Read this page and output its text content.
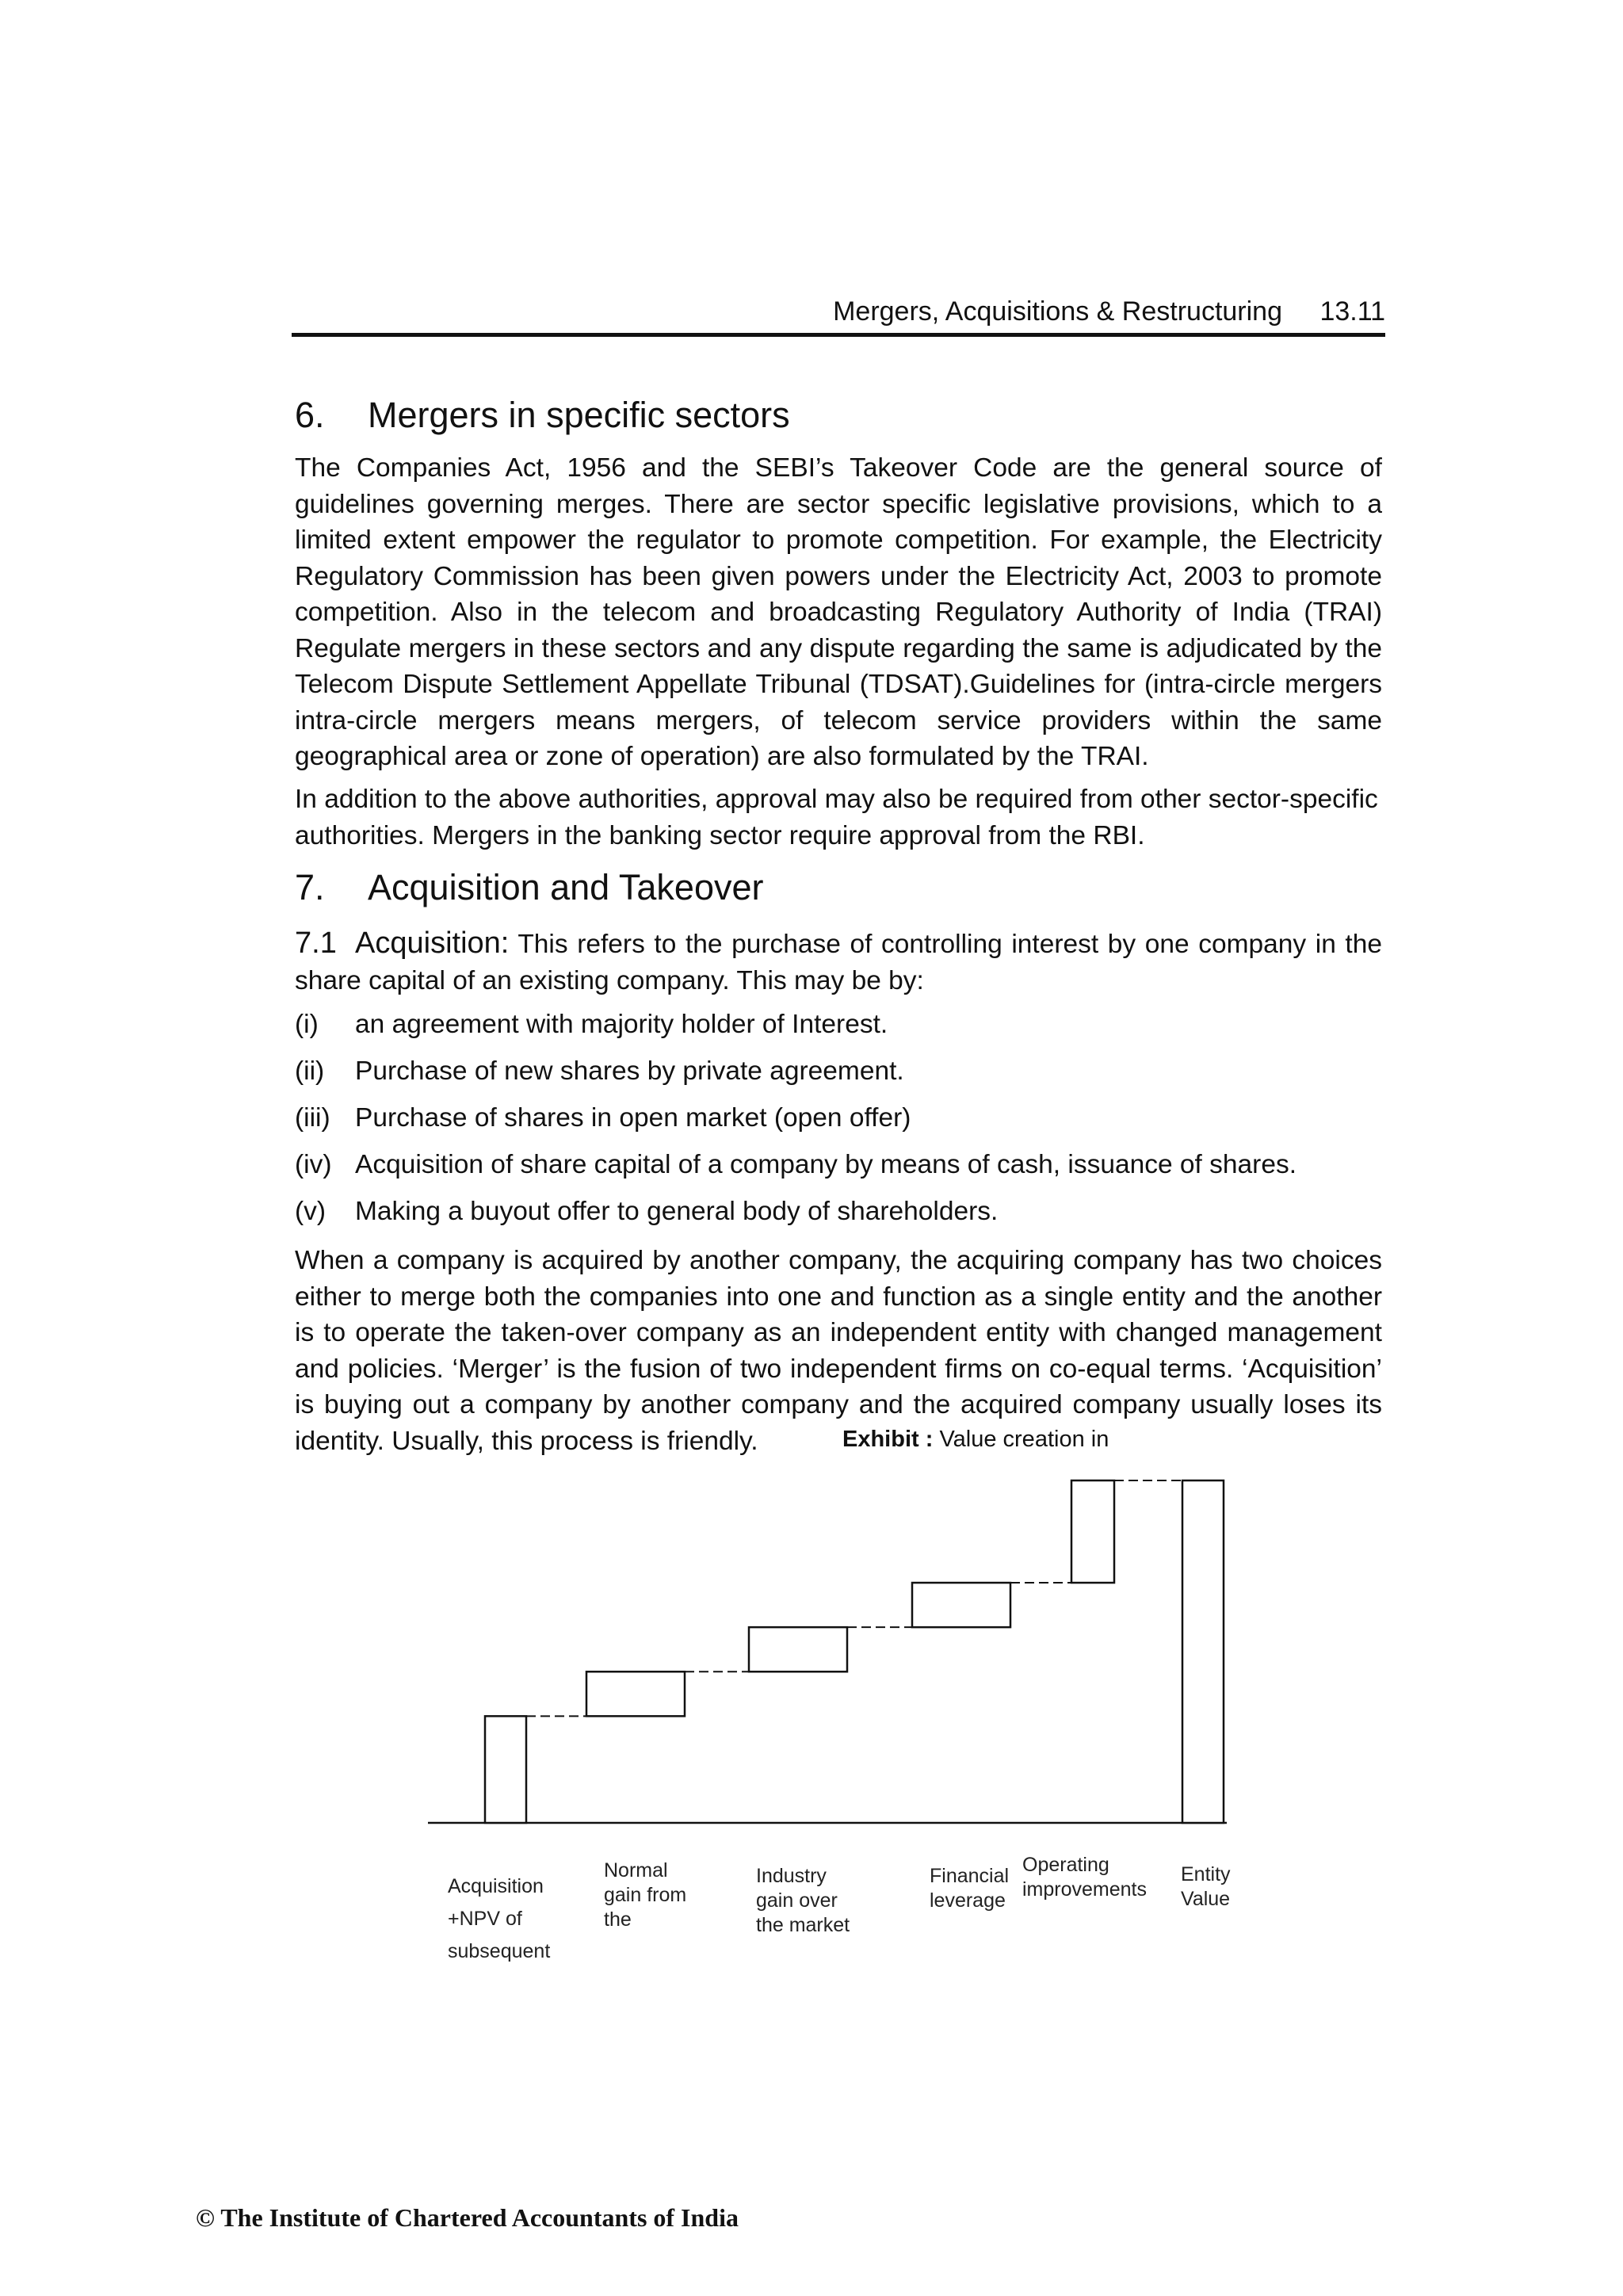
Mergers, Acquisitions & Restructuring 13.11
6. Mergers in specific sectors

The Companies Act, 1956 and the SEBI’s Takeover Code are the general source of guidelines governing merges. There are sector specific legislative provisions, which to a limited extent empower the regulator to promote competition. For example, the Electricity Regulatory Commission has been given powers under the Electricity Act, 2003 to promote competition. Also in the telecom and broadcasting Regulatory Authority of India (TRAI) Regulate mergers in these sectors and any dispute regarding the same is adjudicated by the Telecom Dispute Settlement Appellate Tribunal (TDSAT).Guidelines for (intra-circle mergers intra-circle mergers means mergers, of telecom service providers within the same geographical area or zone of operation) are also formulated by the TRAI.

In addition to the above authorities, approval may also be required from other sector-specific authorities. Mergers in the banking sector require approval from the RBI.

7. Acquisition and Takeover

7.1 Acquisition: This refers to the purchase of controlling interest by one company in the share capital of an existing company. This may be by:

(i) an agreement with majority holder of Interest.
(ii) Purchase of new shares by private agreement.
(iii) Purchase of shares in open market (open offer)
(iv) Acquisition of share capital of a company by means of cash, issuance of shares.
(v) Making a buyout offer to general body of shareholders.

When a company is acquired by another company, the acquiring company has two choices either to merge both the companies into one and function as a single entity and the another is to operate the taken-over company as an independent entity with changed management and policies. ‘Merger’ is the fusion of two independent firms on co-equal terms. ‘Acquisition’ is buying out a company by another company and the acquired company usually loses its identity. Usually, this process is friendly.	Exhibit : Value creation in
Acquisition
+NPV of
subsequent
Normal
gain from
the
Industry
gain over
the market
Financial
leverage
Operating
improvements
Entity
Value
© The Institute of Chartered Accountants of India
